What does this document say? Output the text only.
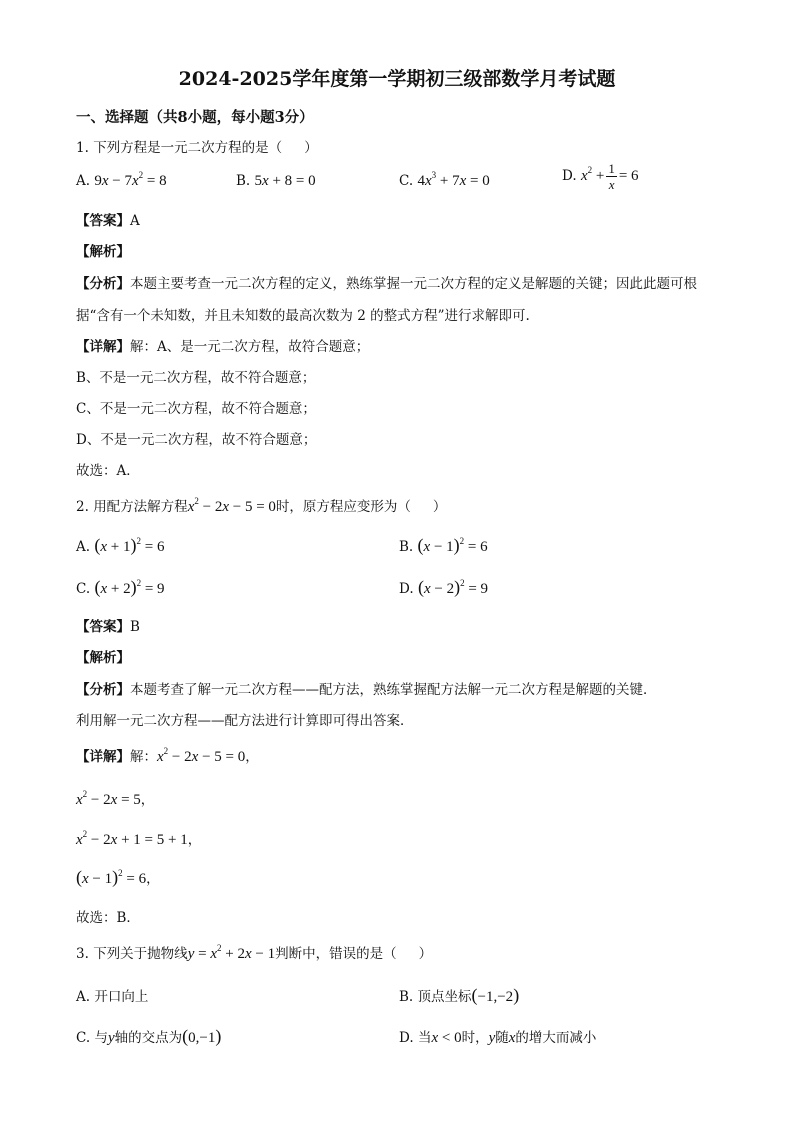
2024-2025学年度第一学期初三级部数学月考试题
一、选择题（共8小题，每小题3分）
1. 下列方程是一元二次方程的是（ ）
A. $9x - 7x^2 = 8$	B. 5x + 8 = 0	C. $4x^3 + 7x = 0$	D. $x^2 + \frac{1}{x} = 6$
【答案】A
【解析】
【分析】本题主要考查一元二次方程的定义，熟练掌握一元二次方程的定义是解题的关键；因此此题可根
据“含有一个未知数，并且未知数的最高次数为 2 的整式方程”进行求解即可.
【详解】解：A、是一元二次方程，故符合题意；
B、不是一元二次方程，故不符合题意；
C、不是一元二次方程，故不符合题意；
D、不是一元二次方程，故不符合题意；
故选：A．
2. 用配方法解方程$x^2 - 2x - 5 = 0$时，原方程应变形为（ ）
A. $(x + 1)^2 = 6$	B. $(x - 1)^2 = 6$
C. $(x + 2)^2 = 9$	D. $(x - 2)^2 = 9$
【答案】B
【解析】
【分析】本题考查了解一元二次方程——配方法，熟练掌握配方法解一元二次方程是解题的关键．
利用解一元二次方程——配方法进行计算即可得出答案．
【详解】解：$x^2 - 2x - 5 = 0$，
$x^2 - 2x = 5$，
$x^2 - 2x + 1 = 5 + 1$，
$(x - 1)^2 = 6$，
故选：B．
3. 下列关于抛物线$y = x^2 + 2x - 1$判断中，错误的是（ ）
A. 开口向上	B. 顶点坐标(−1,−2)
C. 与y轴的交点为(0,−1)	D. 当x < 0时，y随x的增大而减小
